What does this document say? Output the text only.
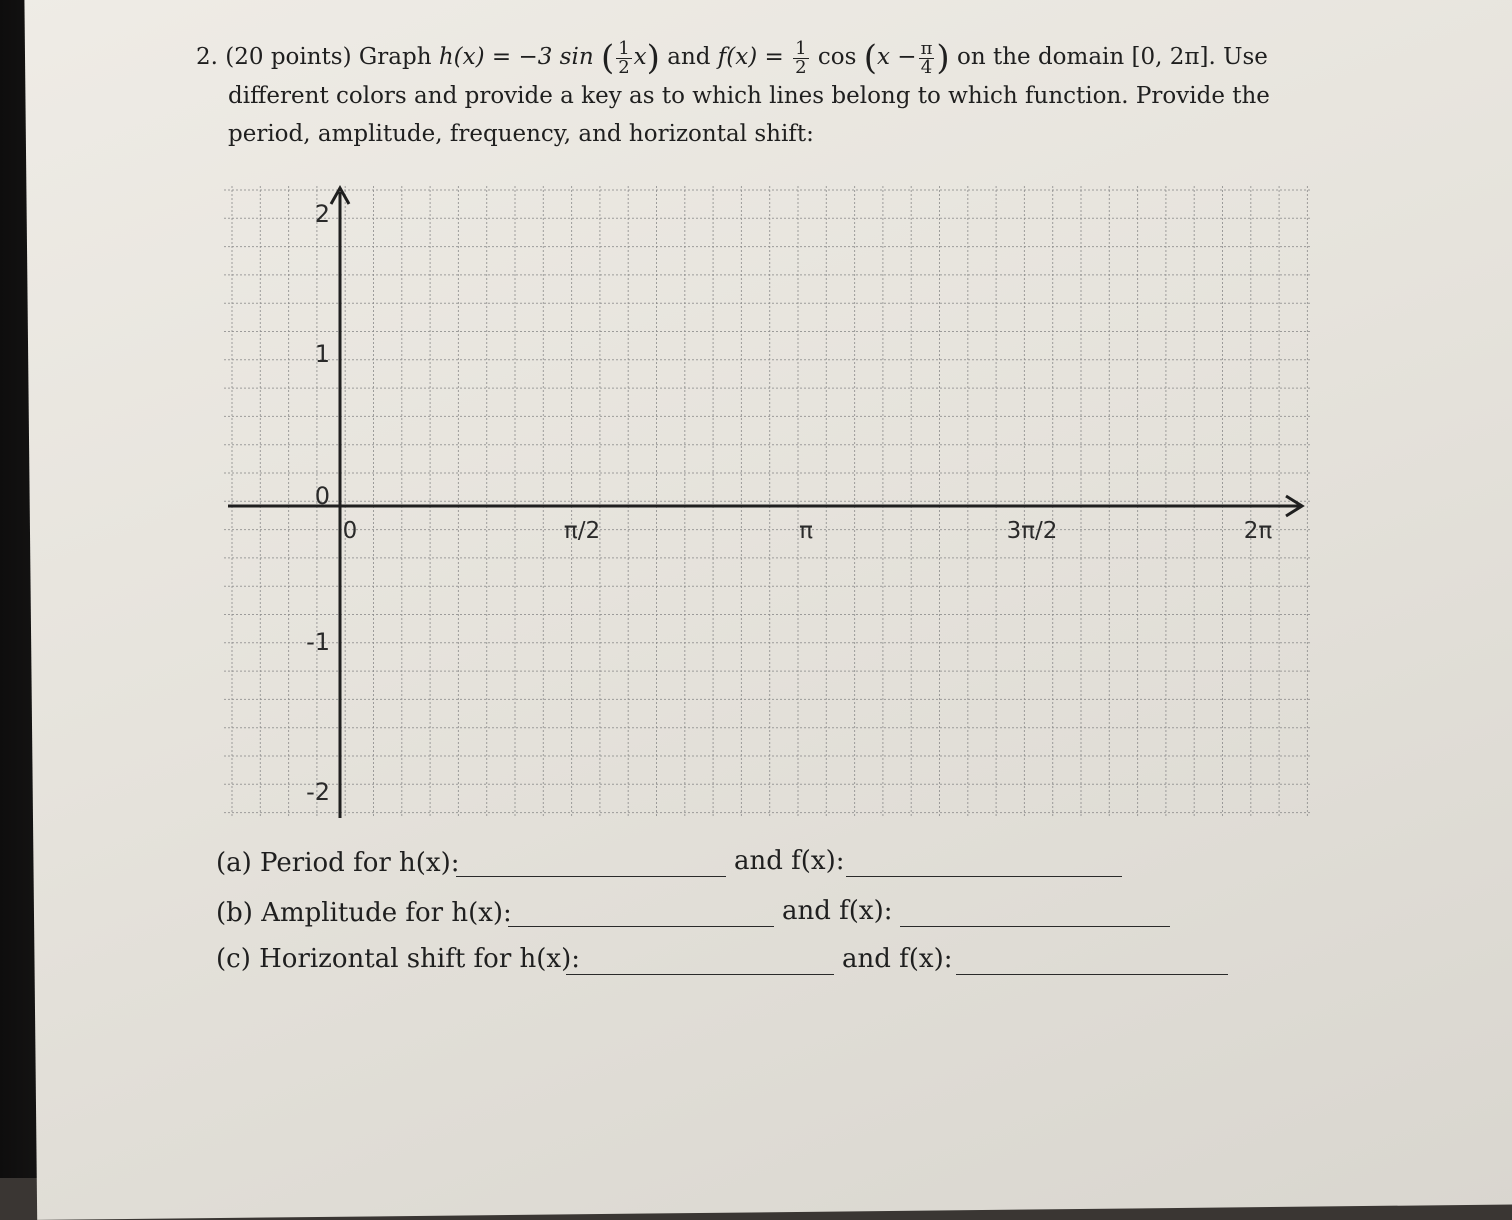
2. (20 points) Graph h(x) = −3 sin ( $\frac{1}{2} x$) and $f(x) = \frac{1}{2}$ $\cos (x - \frac{\pi}{4}$ ) on the domain [0, 2π]. Use
different colors and provide a key as to which lines belong to which function. Provide the
period, amplitude, frequency, and horizontal shift:
2
1
0
-1
-2
0	π/2	π	3π/2	2π
(a) Period for h(x):	and f(x):
(b) Amplitude for h(x):	and f(x):
(c) Horizontal shift for h(x):	and f(x):
